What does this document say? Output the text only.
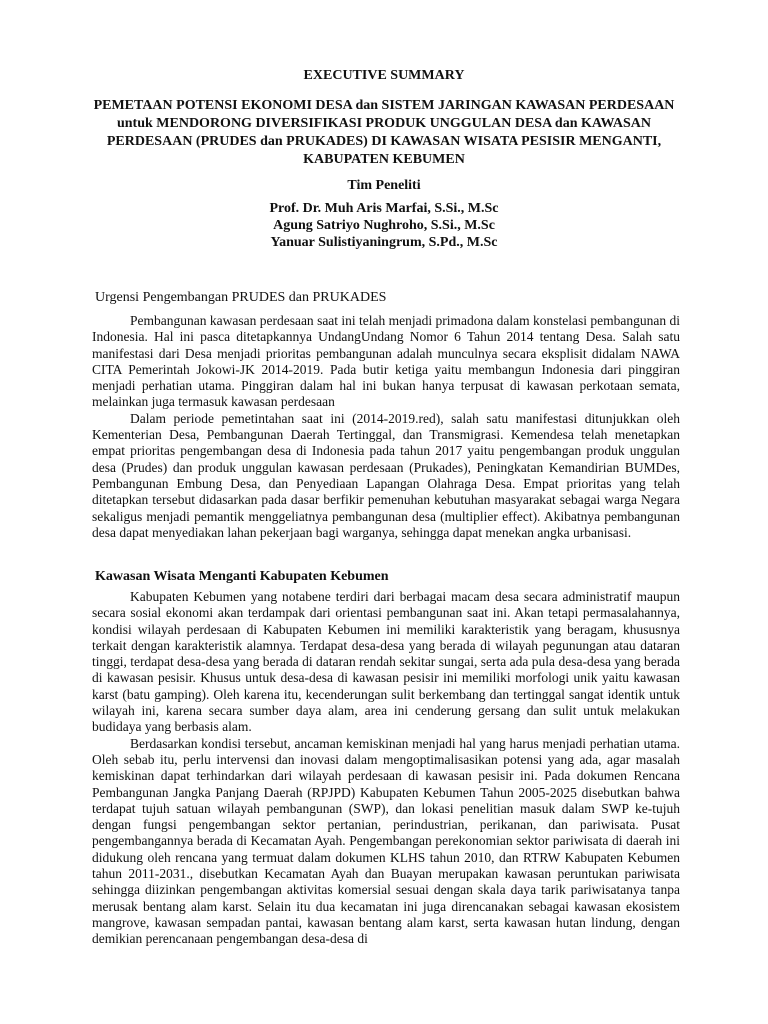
EXECUTIVE SUMMARY
PEMETAAN POTENSI EKONOMI DESA dan SISTEM JARINGAN KAWASAN PERDESAAN untuk MENDORONG DIVERSIFIKASI PRODUK UNGGULAN DESA dan KAWASAN PERDESAAN (PRUDES dan PRUKADES) DI KAWASAN WISATA PESISIR MENGANTI, KABUPATEN KEBUMEN
Tim Peneliti
Prof. Dr. Muh Aris Marfai, S.Si., M.Sc
Agung Satriyo Nughroho, S.Si., M.Sc
Yanuar Sulistiyaningrum, S.Pd., M.Sc
Urgensi Pengembangan PRUDES dan PRUKADES

Pembangunan kawasan perdesaan saat ini telah menjadi primadona dalam konstelasi pembangunan di Indonesia. Hal ini pasca ditetapkannya UndangUndang Nomor 6 Tahun 2014 tentang Desa. Salah satu manifestasi dari Desa menjadi prioritas pembangunan adalah munculnya secara eksplisit didalam NAWA CITA Pemerintah Jokowi-JK 2014-2019. Pada butir ketiga yaitu membangun Indonesia dari pinggiran menjadi perhatian utama. Pinggiran dalam hal ini bukan hanya terpusat di kawasan perkotaan semata, melainkan juga termasuk kawasan perdesaan

Dalam periode pemetintahan saat ini (2014-2019.red), salah satu manifestasi ditunjukkan oleh Kementerian Desa, Pembangunan Daerah Tertinggal, dan Transmigrasi. Kemendesa telah menetapkan empat prioritas pengembangan desa di Indonesia pada tahun 2017 yaitu pengembangan produk unggulan desa (Prudes) dan produk unggulan kawasan perdesaan (Prukades), Peningkatan Kemandirian BUMDes, Pembangunan Embung Desa, dan Penyediaan Lapangan Olahraga Desa. Empat prioritas yang telah ditetapkan tersebut didasarkan pada dasar berfikir pemenuhan kebutuhan masyarakat sebagai warga Negara sekaligus menjadi pemantik menggeliatnya pembangunan desa (multiplier effect). Akibatnya pembangunan desa dapat menyediakan lahan pekerjaan bagi warganya, sehingga dapat menekan angka urbanisasi.

Kawasan Wisata Menganti Kabupaten Kebumen

Kabupaten Kebumen yang notabene terdiri dari berbagai macam desa secara administratif maupun secara sosial ekonomi akan terdampak dari orientasi pembangunan saat ini. Akan tetapi permasalahannya, kondisi wilayah perdesaan di Kabupaten Kebumen ini memiliki karakteristik yang beragam, khususnya terkait dengan karakteristik alamnya. Terdapat desa-desa yang berada di wilayah pegunungan atau dataran tinggi, terdapat desa-desa yang berada di dataran rendah sekitar sungai, serta ada pula desa-desa yang berada di kawasan pesisir. Khusus untuk desa-desa di kawasan pesisir ini memiliki morfologi unik yaitu kawasan karst (batu gamping). Oleh karena itu, kecenderungan sulit berkembang dan tertinggal sangat identik untuk wilayah ini, karena secara sumber daya alam, area ini cenderung gersang dan sulit untuk melakukan budidaya yang berbasis alam.

Berdasarkan kondisi tersebut, ancaman kemiskinan menjadi hal yang harus menjadi perhatian utama. Oleh sebab itu, perlu intervensi dan inovasi dalam mengoptimalisasikan potensi yang ada, agar masalah kemiskinan dapat terhindarkan dari wilayah perdesaan di kawasan pesisir ini. Pada dokumen Rencana Pembangunan Jangka Panjang Daerah (RPJPD) Kabupaten Kebumen Tahun 2005-2025 disebutkan bahwa terdapat tujuh satuan wilayah pembangunan (SWP), dan lokasi penelitian masuk dalam SWP ke-tujuh dengan fungsi pengembangan sektor pertanian, perindustrian, perikanan, dan pariwisata. Pusat pengembangannya berada di Kecamatan Ayah. Pengembangan perekonomian sektor pariwisata di daerah ini didukung oleh rencana yang termuat dalam dokumen KLHS tahun 2010, dan RTRW Kabupaten Kebumen tahun 2011-2031., disebutkan Kecamatan Ayah dan Buayan merupakan kawasan peruntukan pariwisata sehingga diizinkan pengembangan aktivitas komersial sesuai dengan skala daya tarik pariwisatanya tanpa merusak bentang alam karst. Selain itu dua kecamatan ini juga direncanakan sebagai kawasan ekosistem mangrove, kawasan sempadan pantai, kawasan bentang alam karst, serta kawasan hutan lindung, dengan demikian perencanaan pengembangan desa-desa di
